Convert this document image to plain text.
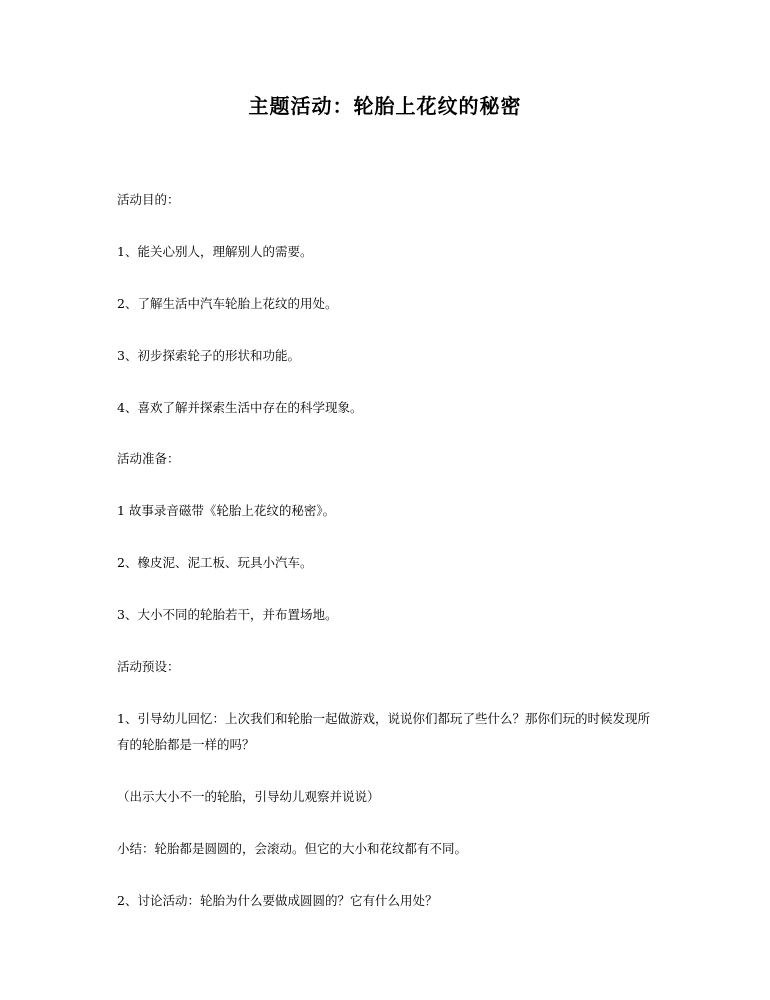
主题活动：轮胎上花纹的秘密

活动目的：

1、能关心别人，理解别人的需要。

2、了解生活中汽车轮胎上花纹的用处。

3、初步探索轮子的形状和功能。

4、喜欢了解并探索生活中存在的科学现象。

活动准备：

1 故事录音磁带《轮胎上花纹的秘密》。

2、橡皮泥、泥工板、玩具小汽车。

3、大小不同的轮胎若干，并布置场地。

活动预设：

1、引导幼儿回忆：上次我们和轮胎一起做游戏，说说你们都玩了些什么？那你们玩的时候发现所有的轮胎都是一样的吗？

（出示大小不一的轮胎，引导幼儿观察并说说）

小结：轮胎都是圆圆的，会滚动。但它的大小和花纹都有不同。

2、讨论活动：轮胎为什么要做成圆圆的？它有什么用处？
